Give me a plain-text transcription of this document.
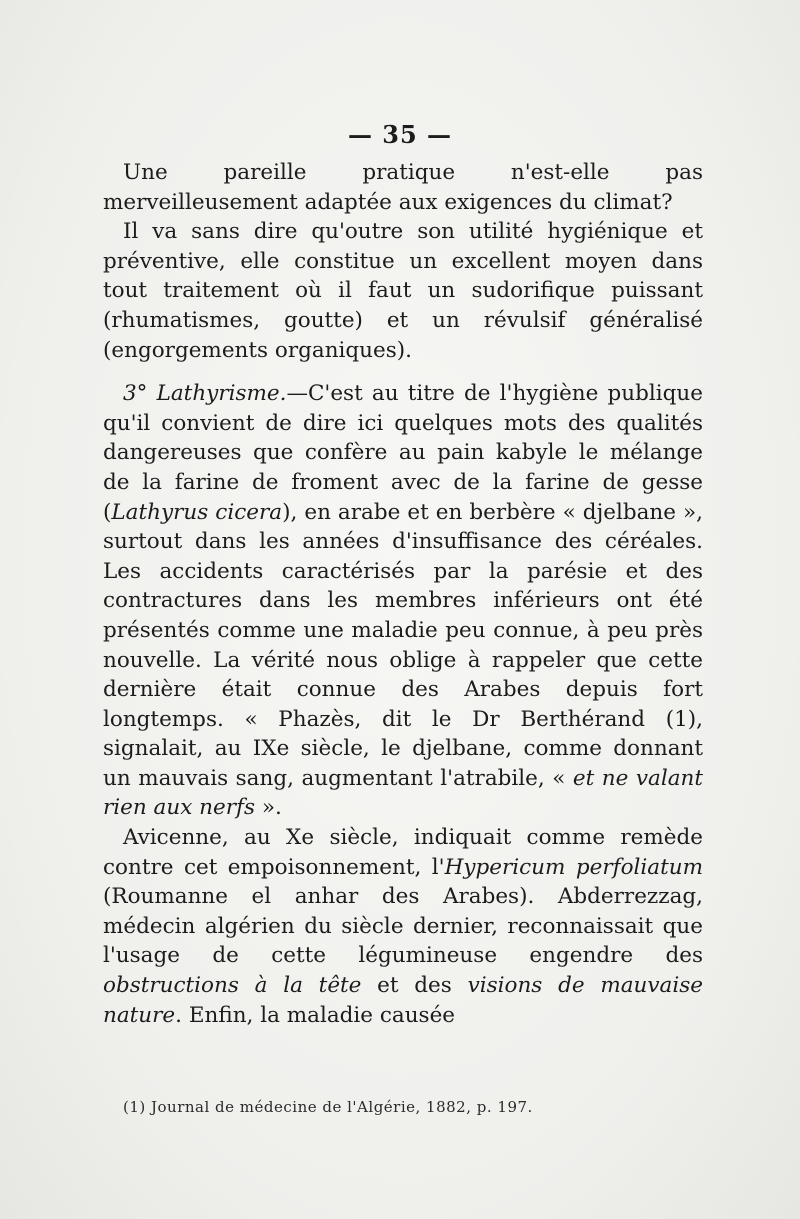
— 35 —

Une pareille pratique n'est-elle pas merveilleusement adaptée aux exigences du climat?

Il va sans dire qu'outre son utilité hygiénique et préventive, elle constitue un excellent moyen dans tout traitement où il faut un sudorifique puissant (rhumatismes, goutte) et un révulsif généralisé (engorgements organiques).

3° Lathyrisme.—C'est au titre de l'hygiène publique qu'il convient de dire ici quelques mots des qualités dangereuses que confère au pain kabyle le mélange de la farine de froment avec de la farine de gesse (Lathyrus cicera), en arabe et en berbère « djelbane », surtout dans les années d'insuffisance des céréales. Les accidents caractérisés par la parésie et des contractures dans les membres inférieurs ont été présentés comme une maladie peu connue, à peu près nouvelle. La vérité nous oblige à rappeler que cette dernière était connue des Arabes depuis fort longtemps. « Phazès, dit le Dr Berthérand (1), signalait, au IXe siècle, le djelbane, comme donnant un mauvais sang, augmentant l'atrabile, « et ne valant rien aux nerfs ».

Avicenne, au Xe siècle, indiquait comme remède contre cet empoisonnement, l'Hypericum perfoliatum (Roumanne el anhar des Arabes). Abderrezzag, médecin algérien du siècle dernier, reconnaissait que l'usage de cette légumineuse engendre des obstructions à la tête et des visions de mauvaise nature. Enfin, la maladie causée

(1) Journal de médecine de l'Algérie, 1882, p. 197.
